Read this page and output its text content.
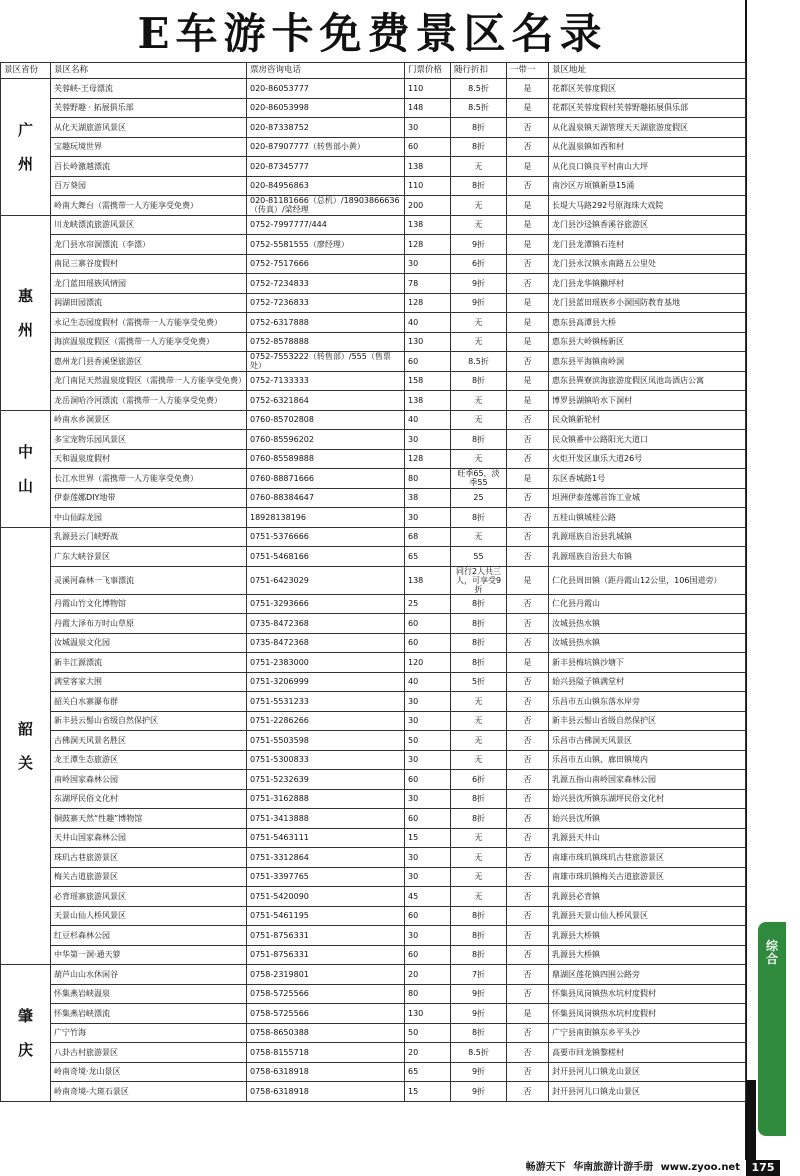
E车游卡免费景区名录
景区省份	景区名称	票房咨询电话	门票价格	随行折扣	一带一	景区地址

广
州	芙蓉峡-王母漂流	020-86053777	110	8.5折	是	花都区芙蓉度假区
	芙蓉野趣 · 拓展俱乐部	020-86053998	148	8.5折	是	花都区芙蓉度假村芙蓉野趣拓展俱乐部
	从化天湖旅游风景区	020-87338752	30	8折	否	从化温泉镇天湖管理天天湖旅游度假区
	宝趣玩境世界	020-87907777（转售部小黄）	60	8折	否	从化温泉镇如西和村
	百长岭激越漂流	020-87345777	138	无	是	从化良口镇良平村南山大坪
	百万葵园	020-84956863	110	8折	否	南沙区万顷镇新垦15涌
	岭南大舞台（需携带一人方能享受免费）	020-81181666（总机）/18903866636（传真）/梁经理	200	无	是	长堤大马路292号原海珠大戏院

惠
州	川龙峡漂流旅游风景区	0752-7997777/444	138	无	是	龙门县沙迳镇香溪谷旅游区
	龙门县水帘洞漂流（李漂）	0752-5581555（廖经理）	128	9折	是	龙门县龙潭镇石连村
	南昆三寨谷度假村	0752-7517666	30	6折	否	龙门县永汉镇永南路五公里处
	龙门蓝田瑶族风情园	0752-7234833	78	9折	否	龙门县龙华镇獭坪村
	润湖田园漂流	0752-7236833	128	9折	是	龙门县蓝田瑶族乡小洞国防教育基地
	永记生态园度假村（需携带一人方能享受免费）	0752-6317888	40	无	是	惠东县高潭县大桥
	海滨温泉度假区（需携带一人方能享受免费）	0752-8578888	130	无	是	惠东县大岭镇杨新区
	惠州龙门县香溪堡旅游区	0752-7553222（转售部）/555（售票处）	60	8.5折	否	惠东县平海镇南岭洞
	龙门南昆天然温泉度假区（需携带一人方能享受免费）	0752-7133333	158	8折	是	惠东县巽寮滨海旅游度假区凤池岛酒店公寓
	龙岳洞哈冷河漂流（需携带一人方能享受免费）	0752-6321864	138	无	是	博罗县湖镇哈水下洞村

中
山	岭南水乡洞景区	0760-85702808	40	无	否	民众镇新轮村
	多宝宠物乐园风景区	0760-85596202	30	8折	否	民众镇番中公路阳光大道口
	天和温泉度假村	0760-85589888	128	无	否	火炬开发区康乐大道26号
	长江水世界（需携带一人方能享受免费）	0760-88871666	80	旺季65，淡季55	是	东区香城路1号
	伊泰莲娜DIY地带	0760-88384647	38	25	否	坦洲伊泰莲娜首饰工业城
	中山仙踪龙园	18928138196	30	8折	否	五桂山镇城桂公路

韶
关	乳源县云门峡野战	0751-5376666	68	无	否	乳源瑶族自治县乳城镇
	广东大峡谷景区	0751-5468166	65	55	否	乳源瑶族自治县大布镇
	灵溪河森林一飞事漂流	0751-6423029	138	同行2人共三人，可享受9折	是	仁化县周田镇（距丹霞山12公里，106国道旁）
	丹霞山竹文化博物馆	0751-3293666	25	8折	否	仁化县丹霞山
	丹霞大泽布万时山草原	0735-8472368	60	8折	否	汝城县热水镇
	汝城温泉文化园	0735-8472368	60	8折	否	汝城县热水镇
	新丰江源漂流	0751-2383000	120	8折	是	新丰县梅坑镇沙塘下
	满堂客家大围	0751-3206999	40	5折	否	始兴县隘子镇满堂村
	韶关白水寨瀑布群	0751-5531233	30	无	否	乐昌市五山镇东落水岸旁
	新丰县云髻山省级自然保护区	0751-2286266	30	无	否	新丰县云髻山省级自然保护区
	古佛洞天风景名胜区	0751-5503598	50	无	否	乐昌市古佛洞天风景区
	龙王潭生态旅游区	0751-5300833	30	无	否	乐昌市五山镇、廊田镇境内
	南岭国家森林公园	0751-5232639	60	6折	否	乳源五指山南岭国家森林公园
	东湖坪民俗文化村	0751-3162888	30	8折	否	始兴县沈所镇东湖坪民俗文化村
	铜鼓寨天然“性趣”博物馆	0751-3413888	60	8折	否	始兴县沈所镇
	天井山国家森林公园	0751-5463111	15	无	否	乳源县天井山
	珠玑古巷旅游景区	0751-3312864	30	无	否	南雄市珠玑镇珠玑古巷旅游景区
	梅关古道旅游景区	0751-3397765	30	无	否	南雄市珠玑镇梅关古道旅游景区
	必背瑶寨旅游风景区	0751-5420090	45	无	否	乳源县必背镇
	天景山仙人桥风景区	0751-5461195	60	8折	否	乳源县天景山仙人桥风景区
	红豆杉森林公园	0751-8756331	30	8折	否	乳源县大桥镇
	中华第一洞·通天箩	0751-8756331	60	8折	否	乳源县大桥镇

肇
庆	葫芦山山水休闲谷	0758-2319801	20	7折	否	鼎湖区莲花镇四围公路旁
	怀集燕岩峡温泉	0758-5725566	80	9折	否	怀集县凤岗镇热水坑村度假村
	怀集燕岩峡漂流	0758-5725566	130	9折	是	怀集县凤岗镇热水坑村度假村
	广宁竹海	0758-8650388	50	8折	否	广宁县南街镇东乡平头沙
	八卦古村旅游景区	0758-8155718	20	8.5折	否	高要市回龙镇黎槎村
	岭南奇境·龙山景区	0758-6318918	65	9折	否	封开县河儿口镇龙山景区
	岭南奇境-大斑石景区	0758-6318918	15	9折	否	封开县河儿口镇龙山景区
综
合
畅游天下 华南旅游计游手册 www.zyoo.net	175
